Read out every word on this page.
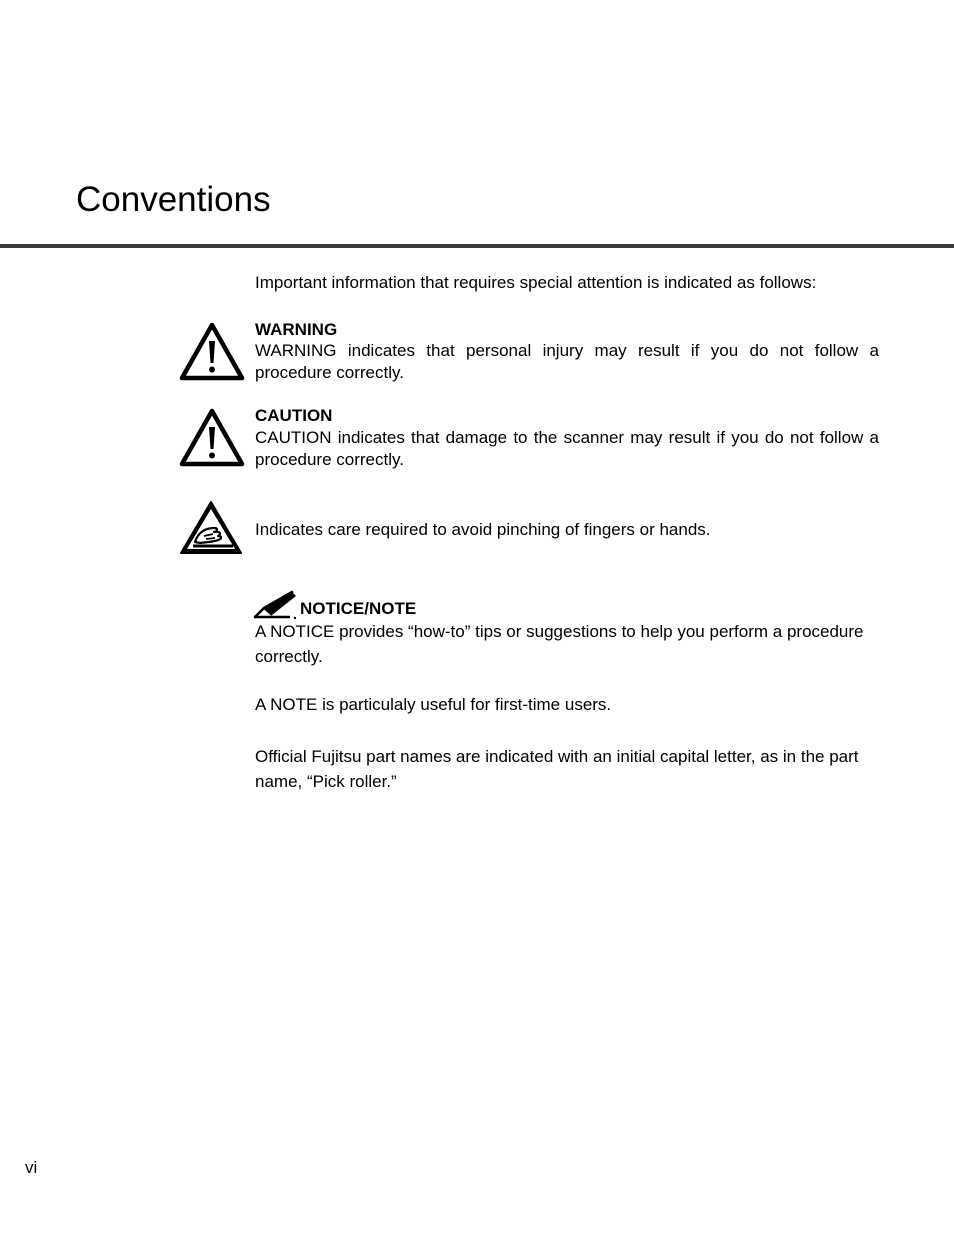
Conventions

Important information that requires special attention is indicated as follows:

WARNING

WARNING indicates that personal injury may result if you do not follow a procedure correctly.

CAUTION

CAUTION indicates that damage to the scanner may result if you do not follow a procedure correctly.

Indicates care required to avoid pinching of fingers or hands.

NOTICE/NOTE

A NOTICE provides “how-to” tips or suggestions to help you perform a procedure correctly.

A NOTE is particulaly useful for first-time users.

Official Fujitsu part names are indicated with an initial capital letter, as in the part name, “Pick roller.”

vi
